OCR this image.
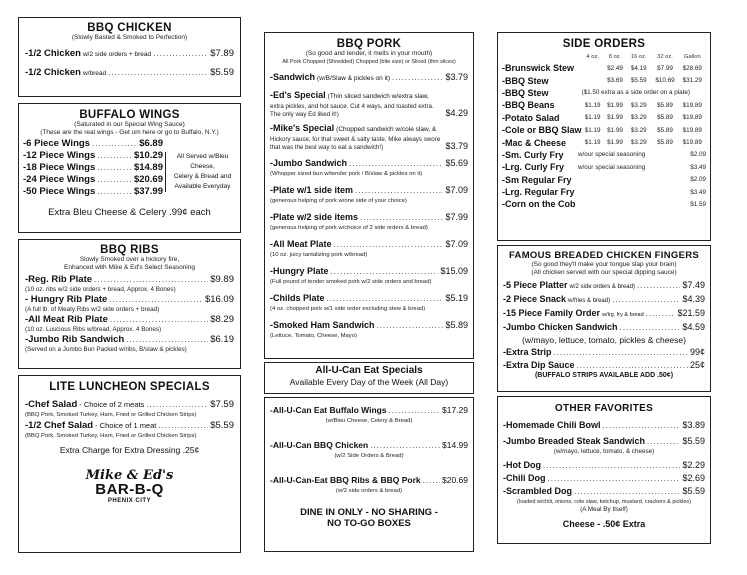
BBQ CHICKEN
(Slowly Basted & Smoked to Perfection)
-1/2 Chicken w/2 side orders + bread .....	$7.89
-1/2 Chicken w/bread .....	$5.59
BUFFALO WINGS
(Saturated in our Special Wing Sauce)
(These are the real wings - Get um here or go to Buffalo, N.Y.)
-6 Piece Wings .....	$6.89
-12 Piece Wings .....	$10.29
-18 Piece Wings .....	$14.89
-24 Piece Wings .....	$20.69
-50 Piece Wings .....	$37.99
All Served w/Bleu Cheese,
Celery & Bread and
Available Everyday
Extra Bleu Cheese & Celery .99¢ each
BBQ RIBS
Slowly Smoked over a hickory fire,
Enhanced with Mike & Ed's Select Seasoning
-Reg. Rib Plate .....	$9.89
(10 oz. ribs w/2 side orders + bread, Approx. 4 Bones)
- Hungry Rib Plate .....	$16.09
(A full lb. of Meaty Ribs w/2 side orders + bread)
-All Meat Rib Plate .....	$8.29
(10 oz. Luscious Ribs w/bread, Approx. 4 Bones)
-Jumbo Rib Sandwich .....	$6.19
(Served on a Jumbo Bun Packed w/ribs, B/slaw & pickles)
LITE LUNCHEON SPECIALS
-Chef Salad - Choice of 2 meats .....	$7.59
(BBQ Pork, Smoked Turkey, Ham, Fried or Grilled Chicken Strips)
-1/2 Chef Salad - Choice of 1 meat .....	$5.59
(BBQ Pork, Smoked Turkey, Ham, Fried or Grilled Chicken Strips)
Extra Charge for Extra Dressing .25¢
Mike & Ed's
BAR-B-Q
PHENIX CITY
BBQ PORK
(So good and tender, it melts in your mouth)
All Pork Chopped (Shredded) Chopped (bite size) or Sliced (thin slices)
-Sandwich (w/B/Slaw & pickles on it) .....	$3.79
-Ed's Special (Thin sliced sandwich w/extra slaw,
extra pickles, and hot sauce. Cut 4 ways, and toasted extra. The only way Ed liked it!)	$4.29
-Mike's Special (Chopped sandwich w/cole slaw, &
Hickory sauce, for that sweet & salty taste. Mike always swore that was the best way to eat a sandwich!)	$3.79
-Jumbo Sandwich .....	$5.69
(Whopper sized bun w/tender pork / B/slaw & pickles on it)
-Plate w/1 side item .....	$7.09
(generous helping of pork w/one side of your choice)
-Plate w/2 side items .....	$7.99
(generous helping of pork w/choice of 2 side orders & bread)
-All Meat Plate .....	$7.09
(10 oz. juicy tantalizing pork w/bread)
-Hungry Plate .....	$15.09
(Full pound of tender smoked pork w/2 side orders and bread)
-Childs Plate .....	$5.19
(4 oz. chopped pork w/1 side order excluding stew & bread)
-Smoked Ham Sandwich .....	$5.89
(Lettuce, Tomato, Cheese, Mayo)
All-U-Can Eat Specials
Available Every Day of the Week (All Day)
-All-U-Can Eat Buffalo Wings .....	$17.29
(w/Bleu Cheese, Celery & Bread)
-All-U-Can BBQ Chicken .....	$14.99
(w/2 Side Orders & Bread)
-All-U-Can-Eat BBQ Ribs & BBQ Pork .....	$20.69
(w/2 side orders & bread)
DINE IN ONLY - NO SHARING -
NO TO-GO BOXES
SIDE ORDERS
	4 oz.	8 oz.	16 oz.	32 oz.	Gallon
-Brunswick Stew		$2.49	$4.19	$7.99	$28.69
-BBQ Stew		$3.69	$5.59	$10.69	$31.29
-BBQ Stew	($1.50 extra as a side order on a plate)				
-BBQ Beans	$1.19	$1.99	$3.29	$5.89	$19.89
-Potato Salad	$1.19	$1.99	$3.29	$5.89	$19.89
-Cole or BBQ Slaw	$1.19	$1.99	$3.29	$5.89	$19.89
-Mac & Cheese	$1.19	$1.99	$3.29	$5.89	$19.89
-Sm. Curly Fry	w/our special seasoning	$2.09
-Lrg. Curly Fry	w/our special seasoning	$3.49
-Sm Regular Fry		$2.09
-Lrg. Regular Fry		$3.49
-Corn on the Cob		$1.59
FAMOUS BREADED CHICKEN FINGERS
(So good they'll make your tongue slap your brain)
(All chicken served with our special dipping sauce)
-5 Piece Platter w/2 side orders & bread) .....	$7.49
-2 Piece Snack w/fries & bread) .....	$4.39
-15 Piece Family Order w/lrg. fry & bread .....	$21.59
-Jumbo Chicken Sandwich .....	$4.59
(w/mayo, lettuce, tomato, pickles & cheese)
-Extra Strip .....	99¢
-Extra Dip Sauce .....	25¢
(BUFFALO STRIPS AVAILABLE ADD .50¢)
OTHER FAVORITES
-Homemade Chili Bowl .....	$3.89
-Jumbo Breaded Steak Sandwich .....	$5.59
(w/mayo, lettuce, tomato, & cheese)
-Hot Dog .....	$2.29
-Chili Dog .....	$2.69
-Scrambled Dog .....	$5.59
(loaded w/chili, onions, cole slaw, ketchup, mustard, crackers & pickles)
(A Meal By Itself)
Cheese - .50¢ Extra
